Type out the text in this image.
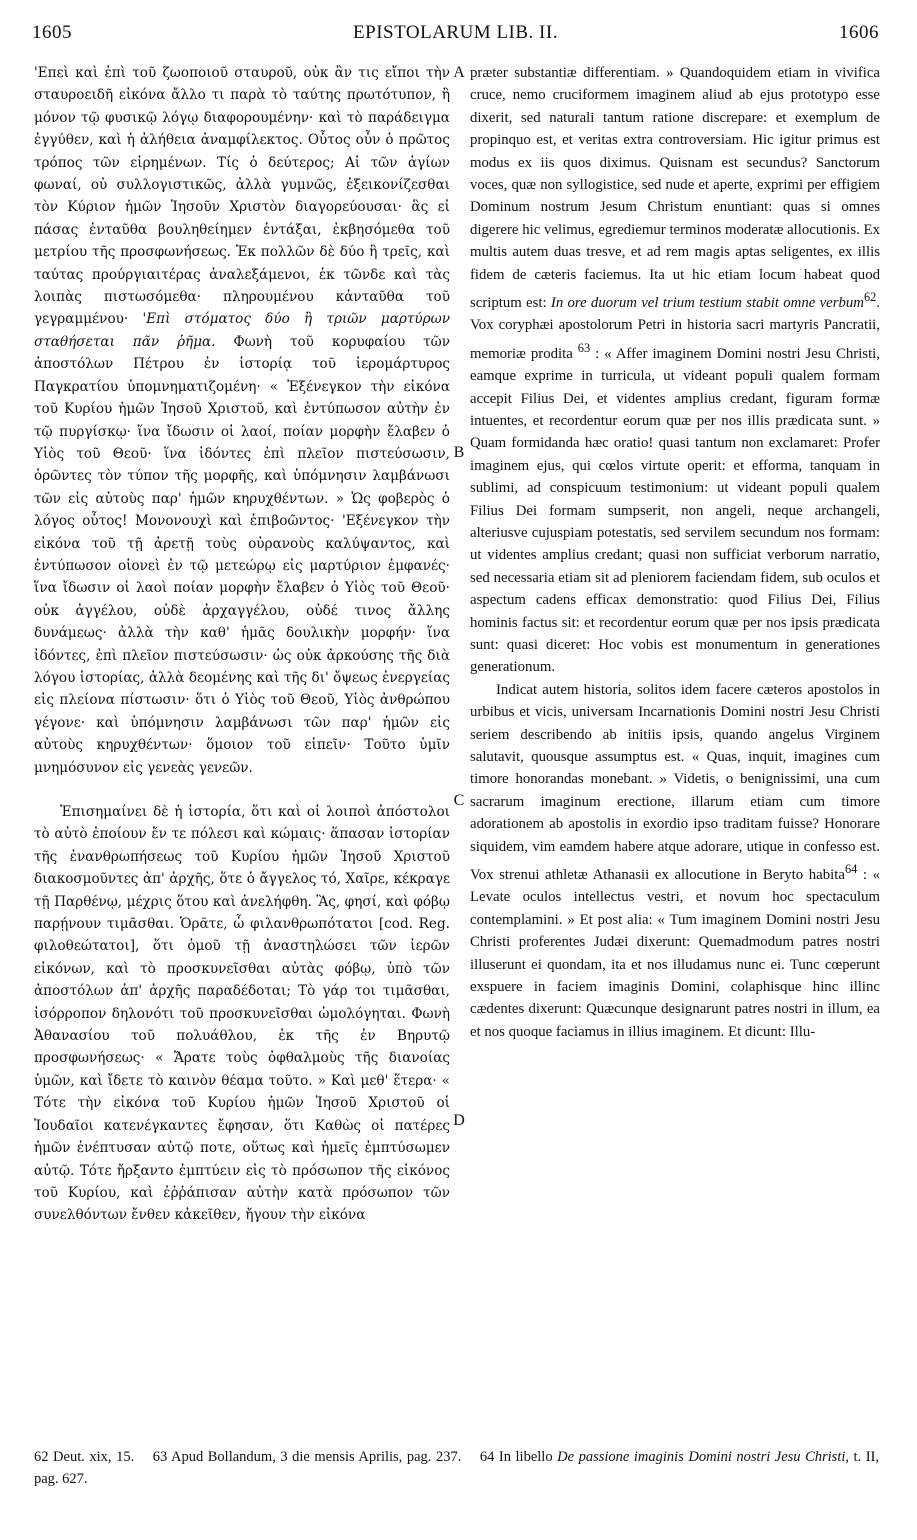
1605	EPISTOLARUM LIB. II.	1606
A
B
C
D

'Επεὶ καὶ ἐπὶ τοῦ ζωοποιοῦ σταυροῦ, οὐκ ἂν τις εἴποι τὴν σταυροειδῆ εἰκόνα ἄλλο τι παρὰ τὸ ταύτης πρωτότυπον, ἢ μόνον τῷ φυσικῷ λόγῳ διαφορουμένην· καὶ τὸ παράδειγμα ἐγγύθεν, καὶ ἡ ἀλήθεια ἀναμφίλεκτος. Οὗτος οὖν ὁ πρῶτος τρόπος τῶν εἰρημένων. Τίς ὁ δεύτερος; Αἱ τῶν ἁγίων φωναί, οὐ συλλογιστικῶς, ἀλλὰ γυμνῶς, ἐξεικονίζεσθαι τὸν Κύριον ἡμῶν Ἰησοῦν Χριστὸν διαγορεύουσαι· ἃς εἰ πάσας ἐνταῦθα βουληθείημεν ἐντάξαι, ἐκβησόμεθα τοῦ μετρίου τῆς προσφωνήσεως. Ἐκ πολλῶν δὲ δύο ἢ τρεῖς, καὶ ταύτας προύργιαιτέρας ἀναλεξάμενοι, ἐκ τῶνδε καὶ τὰς λοιπὰς πιστωσόμεθα· πληρουμένου κἀνταῦθα τοῦ γεγραμμένου· 'Επὶ στόματος δύο ἢ τριῶν μαρτύρων σταθήσεται πᾶν ῥῆμα. Φωνὴ τοῦ κορυφαίου τῶν ἀποστόλων Πέτρου ἐν ἱστορίᾳ τοῦ ἱερομάρτυρος Παγκρατίου ὑπομνηματιζομένη· « Ἐξένεγκον τὴν εἰκόνα τοῦ Κυρίου ἡμῶν Ἰησοῦ Χριστοῦ, καὶ ἐντύπωσον αὐτὴν ἐν τῷ πυργίσκῳ· ἵνα ἴδωσιν οἱ λαοί, ποίαν μορφὴν ἔλαβεν ὁ Υἱὸς τοῦ Θεοῦ· ἵνα ἰδόντες ἐπὶ πλεῖον πιστεύσωσιν, ὁρῶντες τὸν τύπον τῆς μορφῆς, καὶ ὑπόμνησιν λαμβάνωσι τῶν εἰς αὐτοὺς παρ' ἡμῶν κηρυχθέντων. » Ὡς φοβερὸς ὁ λόγος οὗτος! Μονονουχὶ καὶ ἐπιβοῶντος· 'Εξένεγκον τὴν εἰκόνα τοῦ τῇ ἀρετῇ τοὺς οὐρανοὺς καλύψαντος, καὶ ἐντύπωσον οἱονεὶ ἐν τῷ μετεώρῳ εἰς μαρτύριον ἐμφανές· ἵνα ἴδωσιν οἱ λαοὶ ποίαν μορφὴν ἔλαβεν ὁ Υἱὸς τοῦ Θεοῦ· οὐκ ἀγγέλου, οὐδὲ ἀρχαγγέλου, οὐδέ τινος ἄλλης δυνάμεως· ἀλλὰ τὴν καθ' ἡμᾶς δουλικὴν μορφήν· ἵνα ἰδόντες, ἐπὶ πλεῖον πιστεύσωσιν· ὡς οὐκ ἀρκούσης τῆς διὰ λόγου ἱστορίας, ἀλλὰ δεομένης καὶ τῆς δι' ὄψεως ἐνεργείας εἰς πλείονα πίστωσιν· ὅτι ὁ Υἱὸς τοῦ Θεοῦ, Υἱὸς ἀνθρώπου γέγονε· καὶ ὑπόμνησιν λαμβάνωσι τῶν παρ' ἡμῶν εἰς αὐτοὺς κηρυχθέντων· ὅμοιον τοῦ εἰπεῖν· Τοῦτο ὑμῖν μνημόσυνον εἰς γενεὰς γενεῶν.

Ἐπισημαίνει δὲ ἡ ἱστορία, ὅτι καὶ οἱ λοιποὶ ἀπόστολοι τὸ αὐτὸ ἐποίουν ἔν τε πόλεσι καὶ κώμαις· ἅπασαν ἱστορίαν τῆς ἐνανθρωπήσεως τοῦ Κυρίου ἡμῶν Ἰησοῦ Χριστοῦ διακοσμοῦντες ἀπ' ἀρχῆς, ὅτε ὁ ἄγγελος τό, Χαῖρε, κέκραγε τῇ Παρθένῳ, μέχρις ὅτου καὶ ἀνελήφθη. Ἃς, φησί, καὶ φόβῳ παρῄνουν τιμᾶσθαι. Ὁρᾶτε, ὦ φιλανθρωπότατοι [cod. Reg. φιλοθεώτατοι], ὅτι ὁμοῦ τῇ ἀναστηλώσει τῶν ἱερῶν εἰκόνων, καὶ τὸ προσκυνεῖσθαι αὐτὰς φόβῳ, ὑπὸ τῶν ἀποστόλων ἀπ' ἀρχῆς παραδέδοται; Τὸ γάρ τοι τιμᾶσθαι, ἰσόρροπον δηλονότι τοῦ προσκυνεῖσθαι ὡμολόγηται. Φωνὴ Ἀθανασίου τοῦ πολυάθλου, ἐκ τῆς ἐν Βηρυτῷ προσφωνήσεως· « Ἄρατε τοὺς ὀφθαλμοὺς τῆς διανοίας ὑμῶν, καὶ ἴδετε τὸ καινὸν θέαμα τοῦτο. » Καὶ μεθ' ἕτερα· « Τότε τὴν εἰκόνα τοῦ Κυρίου ἡμῶν Ἰησοῦ Χριστοῦ οἱ Ἰουδαῖοι κατενέγκαντες ἔφησαν, ὅτι Καθὼς οἱ πατέρες ἡμῶν ἐνέπτυσαν αὐτῷ ποτε, οὕτως καὶ ἡμεῖς ἐμπτύσωμεν αὐτῷ. Τότε ἤρξαντο ἐμπτύειν εἰς τὸ πρόσωπον τῆς εἰκόνος τοῦ Κυρίου, καὶ ἐῤῥάπισαν αὐτὴν κατὰ πρόσωπον τῶν συνελθόντων ἔνθεν κἀκεῖθεν, ἤγουν τὴν εἰκόνα

præter substantiæ differentiam. » Quandoquidem etiam in vivifica cruce, nemo cruciformem imaginem aliud ab ejus prototypo esse dixerit, sed naturali tantum ratione discrepare: et exemplum de propinquo est, et veritas extra controversiam. Hic igitur primus est modus ex iis quos diximus. Quisnam est secundus? Sanctorum voces, quæ non syllogistice, sed nude et aperte, exprimi per effigiem Dominum nostrum Jesum Christum enuntiant: quas si omnes digerere hic velimus, egrediemur terminos moderatæ allocutionis. Ex multis autem duas tresve, et ad rem magis aptas seligentes, ex illis fidem de cæteris faciemus. Ita ut hic etiam locum habeat quod scriptum est: In ore duorum vel trium testium stabit omne verbum$^{62}$. Vox coryphæi apostolorum Petri in historia sacri martyris Pancratii, memoriæ prodita $^{63}$ : « Affer imaginem Domini nostri Jesu Christi, eamque exprime in turricula, ut videant populi qualem formam accepit Filius Dei, et videntes amplius credant, figuram formæ intuentes, et recordentur eorum quæ per nos illis prædicata sunt. » Quam formidanda hæc oratio! quasi tantum non exclamaret: Profer imaginem ejus, qui cœlos virtute operit: et efforma, tanquam in sublimi, ad conspicuum testimonium: ut videant populi qualem Filius Dei formam sumpserit, non angeli, neque archangeli, alteriusve cujuspiam potestatis, sed servilem secundum nos formam: ut videntes amplius credant; quasi non sufficiat verborum narratio, sed necessaria etiam sit ad pleniorem faciendam fidem, sub oculos et aspectum cadens efficax demonstratio: quod Filius Dei, Filius hominis factus sit: et recordentur eorum quæ per nos ipsis prædicata sunt: quasi diceret: Hoc vobis est monumentum in generationes generationum.

Indicat autem historia, solitos idem facere cæteros apostolos in urbibus et vicis, universam Incarnationis Domini nostri Jesu Christi seriem describendo ab initiis ipsis, quando angelus Virginem salutavit, quousque assumptus est. « Quas, inquit, imagines cum timore honorandas monebant. » Videtis, o benignissimi, una cum sacrarum imaginum erectione, illarum etiam cum timore adorationem ab apostolis in exordio ipso traditam fuisse? Honorare siquidem, vim eamdem habere atque adorare, utique in confesso est. Vox strenui athletæ Athanasii ex allocutione in Beryto habita$^{64}$ : « Levate oculos intellectus vestri, et novum hoc spectaculum contemplamini. » Et post alia: « Tum imaginem Domini nostri Jesu Christi proferentes Judæi dixerunt: Quemadmodum patres nostri illuserunt ei quondam, ita et nos illudamus nunc ei. Tunc cœperunt exspuere in faciem imaginis Domini, colaphisque hinc illinc cædentes dixerunt: Quæcunque designarunt patres nostri in illum, ea et nos quoque faciamus in illius imaginem. Et dicunt: Illu-

62 Deut. xix, 15. 63 Apud Bollandum, 3 die mensis Aprilis, pag. 237. 64 In libello De passione imaginis Domini nostri Jesu Christi, t. II, pag. 627.
